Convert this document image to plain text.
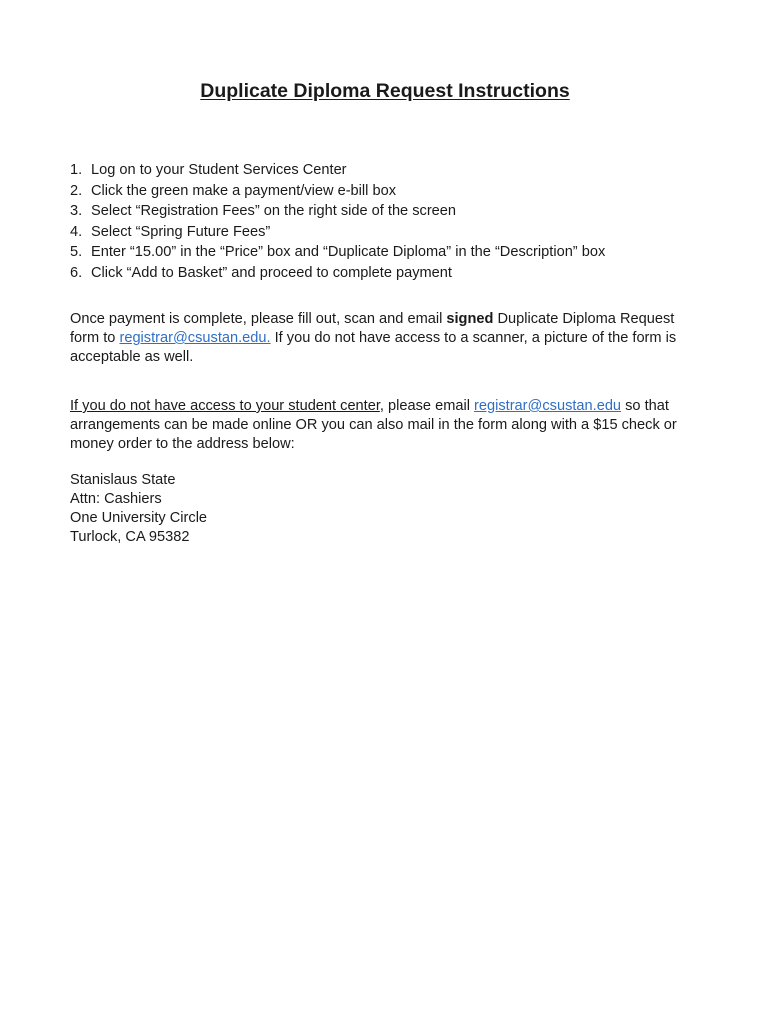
Duplicate Diploma Request Instructions
1. Log on to your Student Services Center
2. Click the green make a payment/view e-bill box
3. Select “Registration Fees” on the right side of the screen
4. Select “Spring Future Fees”
5. Enter “15.00” in the “Price” box and “Duplicate Diploma” in the “Description” box
6. Click “Add to Basket” and proceed to complete payment

Once payment is complete, please fill out, scan and email signed Duplicate Diploma Request form to registrar@csustan.edu. If you do not have access to a scanner, a picture of the form is acceptable as well.

If you do not have access to your student center, please email registrar@csustan.edu so that arrangements can be made online OR you can also mail in the form along with a $15 check or money order to the address below:

Stanislaus State
Attn: Cashiers
One University Circle
Turlock, CA 95382
